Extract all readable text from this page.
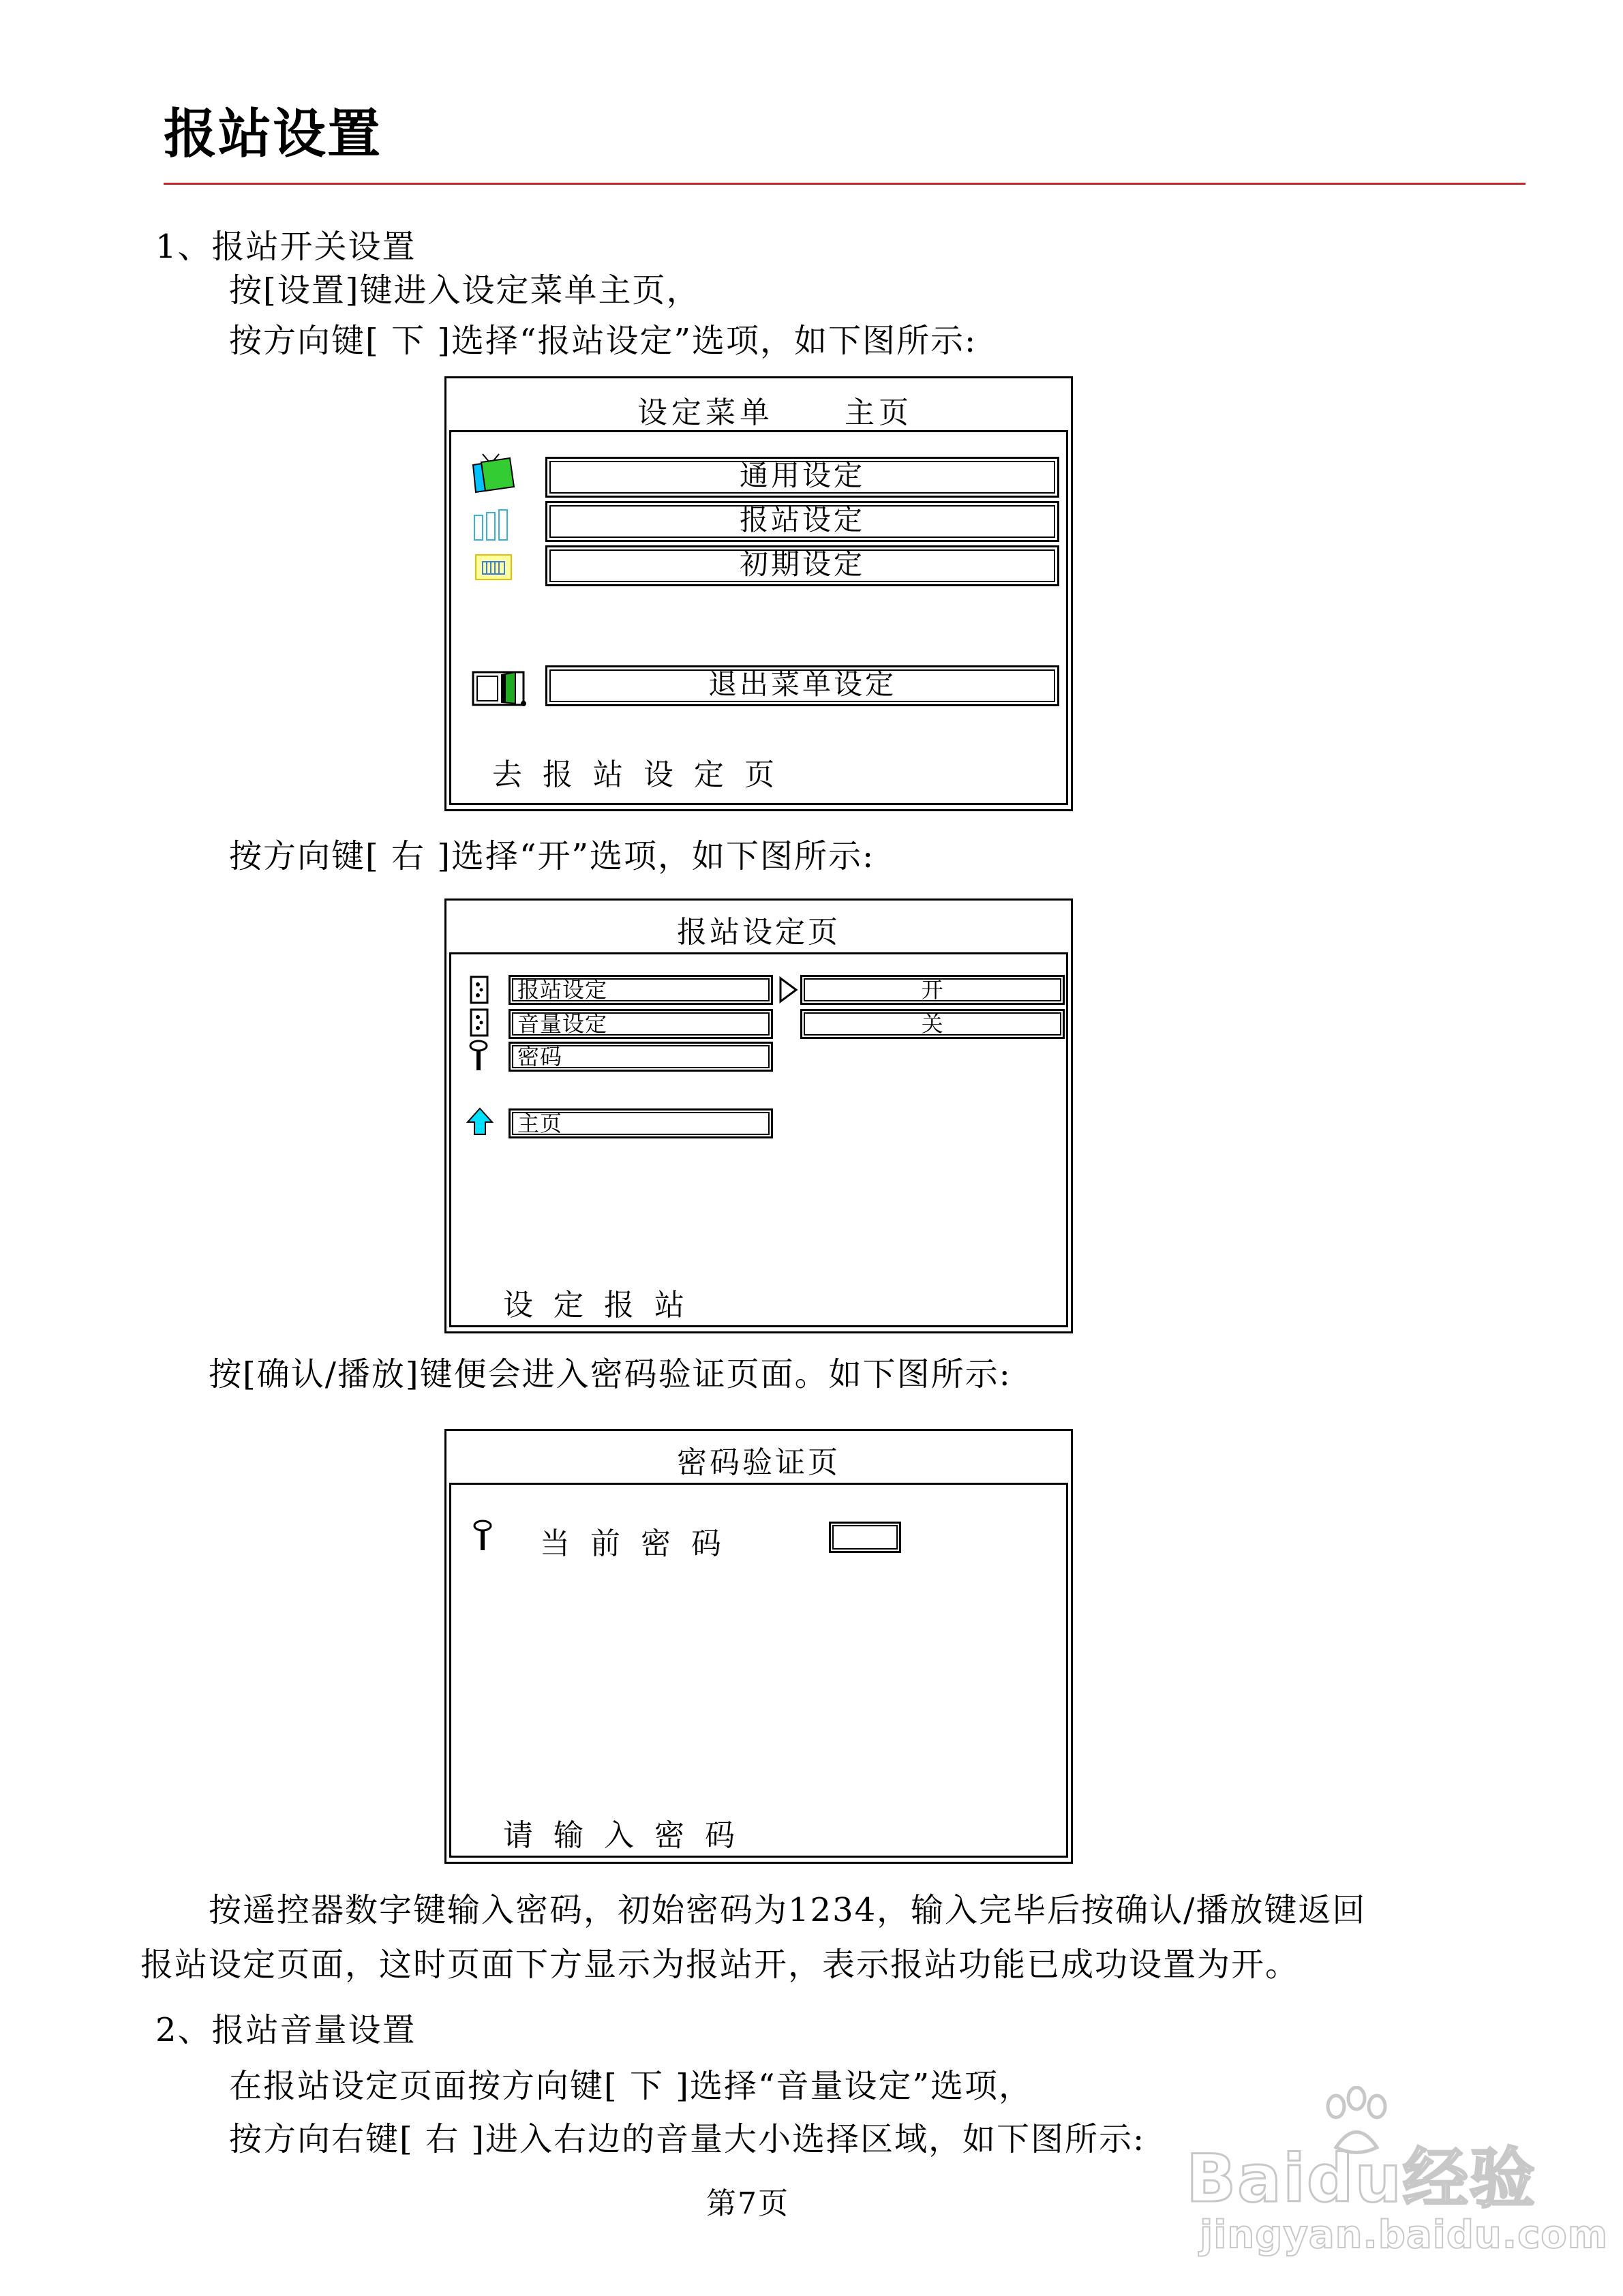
报站设置
1、报站开关设置
按[设置]键进入设定菜单主页，
按方向键[ 下 ]选择“报站设定”选项，如下图所示:
设定菜单 主页
通用设定
报站设定
初期设定
退出菜单设定
去报站设定页
按方向键[ 右 ]选择“开”选项，如下图所示:
报站设定页
报站设定
音量设定
密码
主页
开
关
设定报站
按[确认/播放]键便会进入密码验证页面。如下图所示:
密码验证页
当前密码
请输入密码
按遥控器数字键输入密码，初始密码为1234，输入完毕后按确认/播放键返回
报站设定页面，这时页面下方显示为报站开，表示报站功能已成功设置为开。
2、报站音量设置
在报站设定页面按方向键[ 下 ]选择“音量设定”选项，
按方向右键[ 右 ]进入右边的音量大小选择区域，如下图所示:
第7页	Baidu经验
jingyan.baidu.com
